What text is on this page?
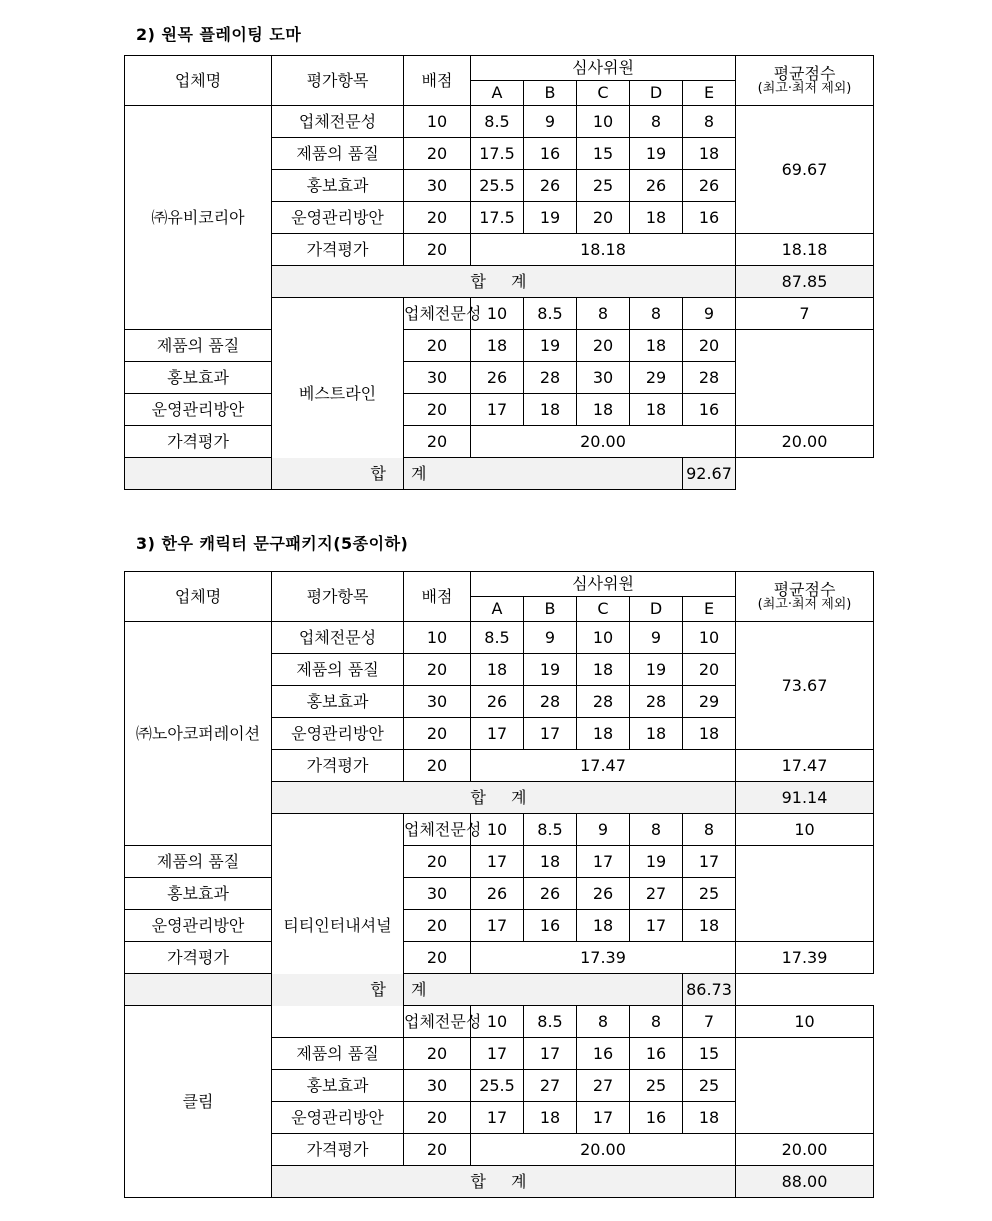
2) 원목 플레이팅 도마
업체명	평가항목	배점	심사위원					평균점수
(최고·최저 제외)	

			A	B	C	D	E		
㈜유비코리아	업체전문성	10	8.5	9	10	8	8	69.67	
	제품의 품질	20	17.5	16	15	19	18		
	홍보효과	30	25.5	26	25	26	26		
	운영관리방안	20	17.5	19	20	18	16		
	가격평가	20	18.18					18.18	
	합 계							87.85	
	베스트라인	업체전문성	10	8.5	8	8	9	7	
제품의 품질		20	18	19	20	18	20		
홍보효과		30	26	28	30	29	28		
운영관리방안		20	17	18	18	18	16		
가격평가		20	20.00					20.00	
합 계							92.67		
3) 한우 캐릭터 문구패키지(5종이하)
업체명	평가항목	배점	심사위원					평균점수
(최고·최저 제외)	

			A	B	C	D	E		
㈜노아코퍼레이션	업체전문성	10	8.5	9	10	9	10	73.67	
	제품의 품질	20	18	19	18	19	20		
	홍보효과	30	26	28	28	28	29		
	운영관리방안	20	17	17	18	18	18		
	가격평가	20	17.47					17.47	
	합 계							91.14	
	티티인터내셔널	업체전문성	10	8.5	9	8	8	10	
제품의 품질		20	17	18	17	19	17		
홍보효과		30	26	26	26	27	25		
운영관리방안		20	17	16	18	17	18		
가격평가		20	17.39					17.39	
합 계							86.73		
클림		업체전문성	10	8.5	8	8	7	10	
	제품의 품질	20	17	17	16	16	15		
	홍보효과	30	25.5	27	27	25	25		
	운영관리방안	20	17	18	17	16	18		
	가격평가	20	20.00					20.00	
	합 계							88.00	
